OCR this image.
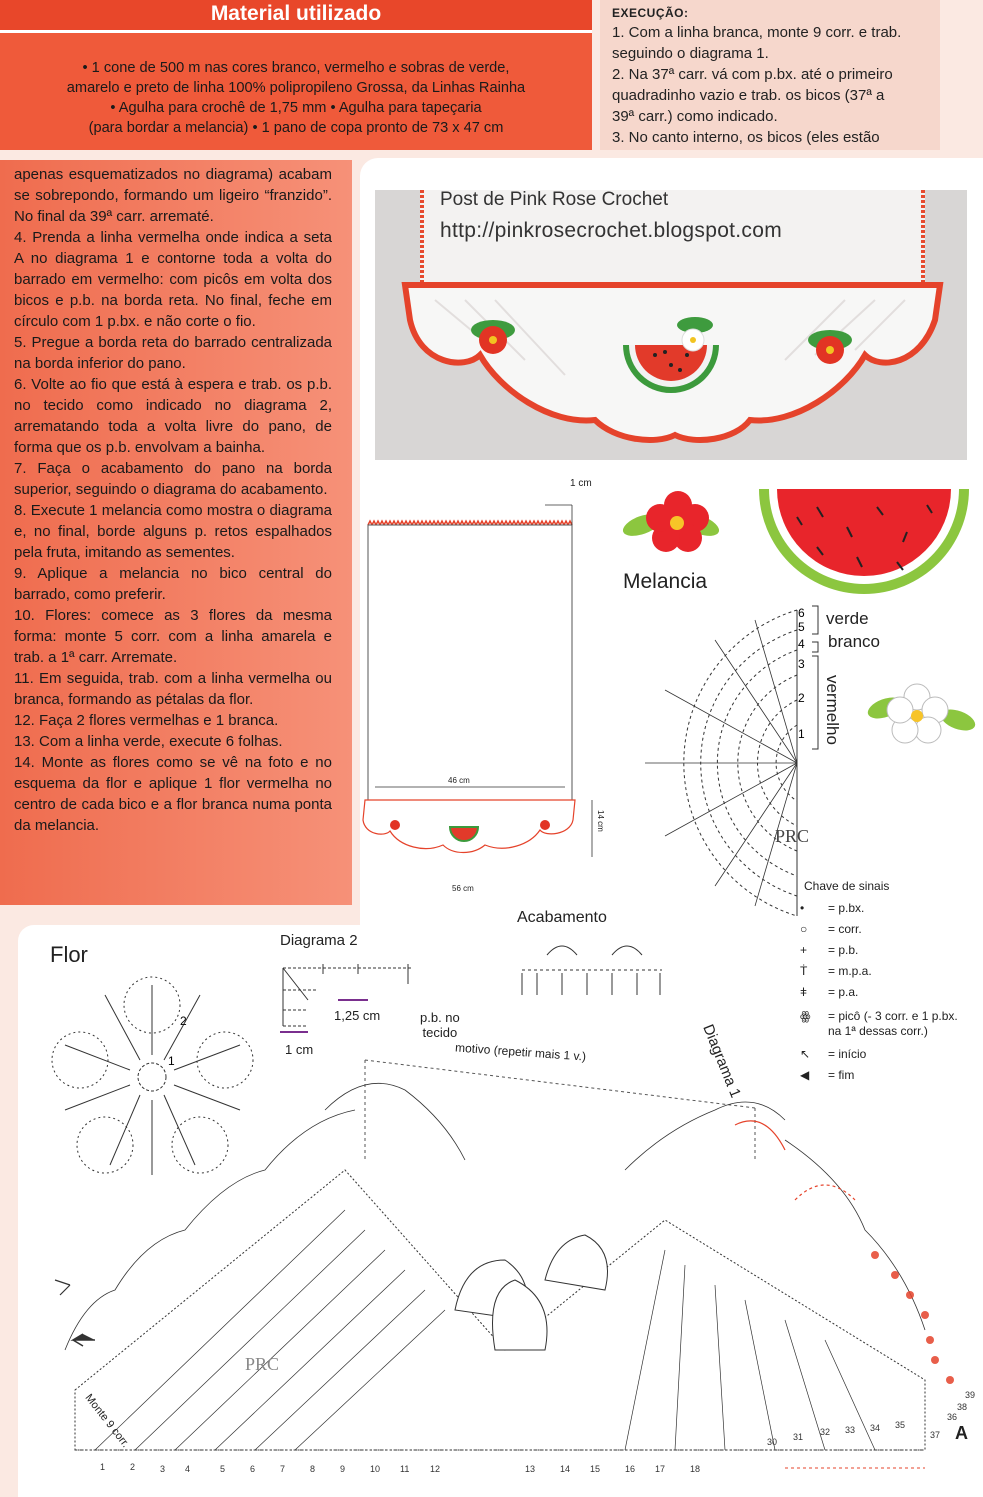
Material utilizado
• 1 cone de 500 m nas cores branco, vermelho e sobras de verde,
amarelo e preto de linha 100% polipropileno Grossa, da Linhas Rainha
• Agulha para crochê de 1,75 mm • Agulha para tapeçaria
(para bordar a melancia) • 1 pano de copa pronto de 73 x 47 cm
EXECUÇÃO:
1. Com a linha branca, monte 9 corr. e trab.
seguindo o diagrama 1.
2. Na 37ª carr. vá com p.bx. até o primeiro
quadradinho vazio e trab. os bicos (37ª a
39ª carr.) como indicado.
3. No canto interno, os bicos (eles estão
apenas esquematizados no diagrama) acabam se sobrepondo, formando um ligeiro “franzido”. No final da 39ª carr. arrematé.
4. Prenda a linha vermelha onde indica a seta A no diagrama 1 e contorne toda a volta do barrado em vermelho: com picôs em volta dos bicos e p.b. na borda reta. No final, feche em círculo com 1 p.bx. e não corte o fio.
5. Pregue a borda reta do barrado centralizada na borda inferior do pano.
6. Volte ao fio que está à espera e trab. os p.b. no tecido como indicado no diagrama 2, arrematando toda a volta livre do pano, de forma que os p.b. envolvam a bainha.
7. Faça o acabamento do pano na borda superior, seguindo o diagrama do acabamento.
8. Execute 1 melancia como mostra o diagrama e, no final, borde alguns p. retos espalhados pela fruta, imitando as sementes.
9. Aplique a melancia no bico central do barrado, como preferir.
10. Flores: comece as 3 flores da mesma forma: monte 5 corr. com a linha amarela e trab. a 1ª carr. Arremate.
11. Em seguida, trab. com a linha vermelha ou branca, formando as pétalas da flor.
12. Faça 2 flores vermelhas e 1 branca.
13. Com a linha verde, execute 6 folhas.
14. Monte as flores como se vê na foto e no esquema da flor e aplique 1 flor vermelha no centro de cada bico e a flor branca numa ponta da melancia.
Post de Pink Rose Crochet
http://pinkrosecrochet.blogspot.com
1 cm
46 cm
14 cm
56 cm
Melancia
PRC
6
5
4
3
2
1
verde
branco
vermelho
Chave de sinais
• = p.bx.
○ = corr.
+ = p.b.
Ṫ = m.p.a.
ǂ = p.a.
ꙮ = picô (- 3 corr. e 1 p.bx.
na 1ª dessas corr.)
↖ = início
◀ = fim
Flor
1
2
Diagrama 2
1,25 cm
1 cm
p.b. no
tecido
Acabamento
Diagrama 1
motivo (repetir mais 1 v.)
PRC
1	2	3 4	5	6	7	8	9	10 11 12	13	14 15	16 17	18
30 31 32 33 34 35
36
37
38
39
Monte 9 corr.	A
